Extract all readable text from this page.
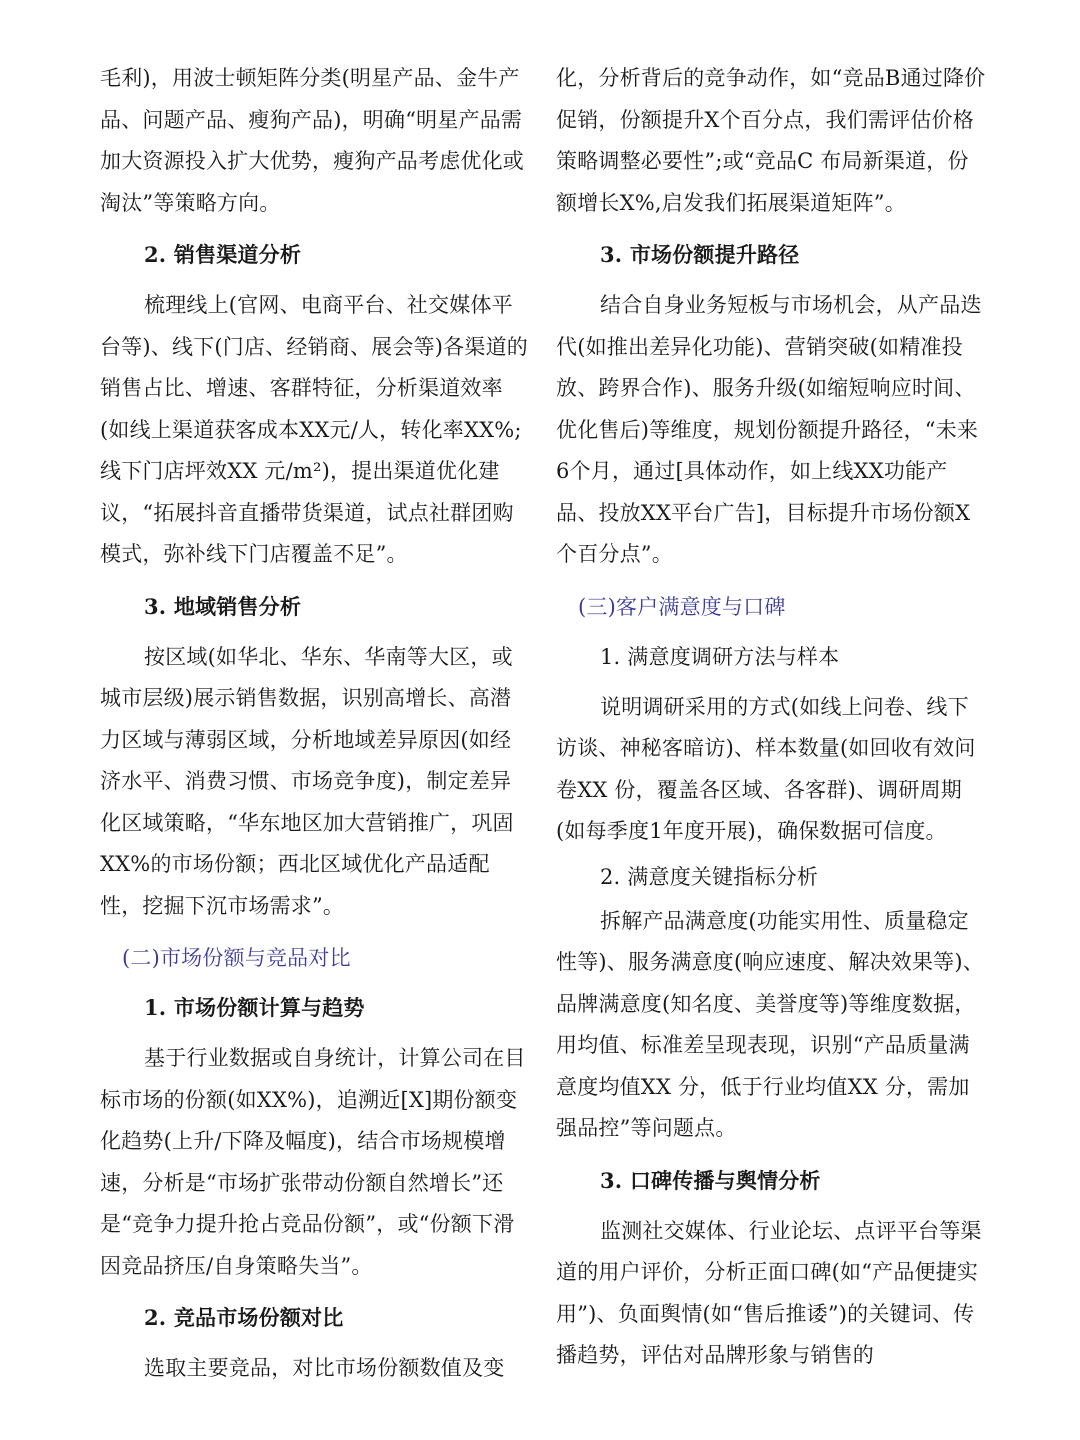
毛利)，用波士顿矩阵分类(明星产品、金牛产品、问题产品、瘦狗产品)，明确“明星产品需加大资源投入扩大优势，瘦狗产品考虑优化或淘汰”等策略方向。

2. 销售渠道分析

梳理线上(官网、电商平台、社交媒体平台等)、线下(门店、经销商、展会等)各渠道的销售占比、增速、客群特征，分析渠道效率(如线上渠道获客成本XX元/人，转化率XX%;线下门店坪效XX 元/m²)，提出渠道优化建议，“拓展抖音直播带货渠道，试点社群团购模式，弥补线下门店覆盖不足”。

3. 地域销售分析

按区域(如华北、华东、华南等大区，或城市层级)展示销售数据，识别高增长、高潜力区域与薄弱区域，分析地域差异原因(如经济水平、消费习惯、市场竞争度)，制定差异化区域策略，“华东地区加大营销推广，巩固XX%的市场份额；西北区域优化产品适配性，挖掘下沉市场需求”。

(二)市场份额与竞品对比

1. 市场份额计算与趋势

基于行业数据或自身统计，计算公司在目标市场的份额(如XX%)，追溯近[X]期份额变化趋势(上升/下降及幅度)，结合市场规模增速，分析是“市场扩张带动份额自然增长”还是“竞争力提升抢占竞品份额”，或“份额下滑因竞品挤压/自身策略失当”。

2. 竞品市场份额对比

选取主要竞品，对比市场份额数值及变

化，分析背后的竞争动作，如“竞品B通过降价促销，份额提升X个百分点，我们需评估价格策略调整必要性”;或“竞品C 布局新渠道，份额增长X%,启发我们拓展渠道矩阵”。

3. 市场份额提升路径

结合自身业务短板与市场机会，从产品迭代(如推出差异化功能)、营销突破(如精准投放、跨界合作)、服务升级(如缩短响应时间、优化售后)等维度，规划份额提升路径，“未来6个月，通过[具体动作，如上线XX功能产品、投放XX平台广告]，目标提升市场份额X 个百分点”。

(三)客户满意度与口碑

1. 满意度调研方法与样本

说明调研采用的方式(如线上问卷、线下访谈、神秘客暗访)、样本数量(如回收有效问卷XX 份，覆盖各区域、各客群)、调研周期(如每季度1年度开展)，确保数据可信度。

2. 满意度关键指标分析

拆解产品满意度(功能实用性、质量稳定性等)、服务满意度(响应速度、解决效果等)、品牌满意度(知名度、美誉度等)等维度数据，用均值、标准差呈现表现，识别“产品质量满意度均值XX 分，低于行业均值XX 分，需加强品控”等问题点。

3. 口碑传播与舆情分析

监测社交媒体、行业论坛、点评平台等渠道的用户评价，分析正面口碑(如“产品便捷实用”)、负面舆情(如“售后推诿”)的关键词、传播趋势，评估对品牌形象与销售的
